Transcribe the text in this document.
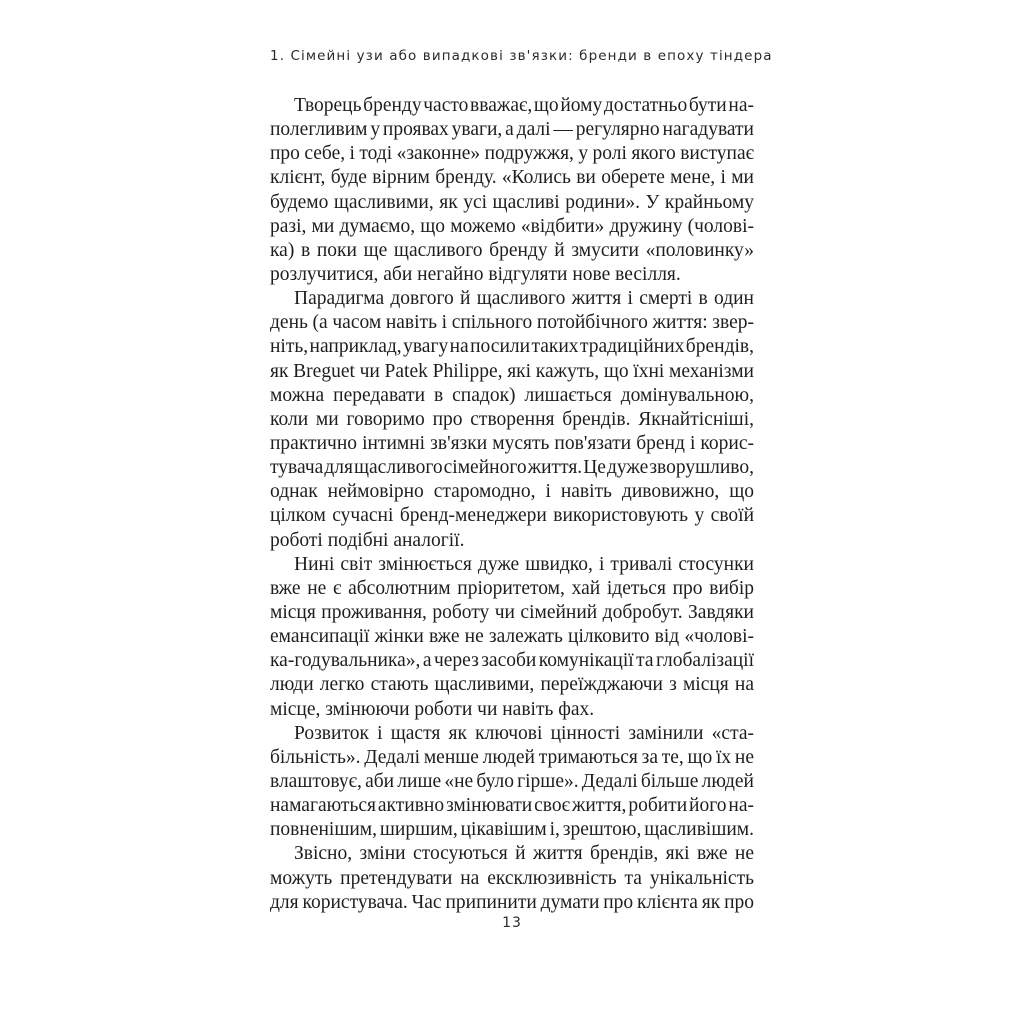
1. Сімейні узи або випадкові зв'язки: бренди в епоху тіндера
Творець бренду часто вважає, що йому достатньо бути на-
полегливим у проявах уваги, а далі — регулярно нагадувати
про себе, і тоді «законне» подружжя, у ролі якого виступає
клієнт, буде вірним бренду. «Колись ви оберете мене, і ми
будемо щасливими, як усі щасливі родини». У крайньому
разі, ми думаємо, що можемо «відбити» дружину (чолові-
ка) в поки ще щасливого бренду й змусити «половинку»
розлучитися, аби негайно відгуляти нове весілля.
Парадигма довгого й щасливого життя і смерті в один
день (а часом навіть і спільного потойбічного життя: звер-
ніть, наприклад, увагу на посили таких традиційних брендів,
як Breguet чи Patek Philippe, які кажуть, що їхні механізми
можна передавати в спадок) лишається домінувальною,
коли ми говоримо про створення брендів. Якнайтісніші,
практично інтимні зв'язки мусять пов'язати бренд і корис-
тувача для щасливого сімейного життя. Це дуже зворушливо,
однак неймовірно старомодно, і навіть дивовижно, що
цілком сучасні бренд-менеджери використовують у своїй
роботі подібні аналогії.
Нині світ змінюється дуже швидко, і тривалі стосунки
вже не є абсолютним пріоритетом, хай ідеться про вибір
місця проживання, роботу чи сімейний добробут. Завдяки
емансипації жінки вже не залежать цілковито від «чолові-
ка-годувальника», а через засоби комунікації та глобалізації
люди легко стають щасливими, переїжджаючи з місця на
місце, змінюючи роботи чи навіть фах.
Розвиток і щастя як ключові цінності замінили «ста-
більність». Дедалі менше людей тримаються за те, що їх не
влаштовує, аби лише «не було гірше». Дедалі більше людей
намагаються активно змінювати своє життя, робити його на-
повненішим, ширшим, цікавішим і, зрештою, щасливішим.
Звісно, зміни стосуються й життя брендів, які вже не
можуть претендувати на ексклюзивність та унікальність
для користувача. Час припинити думати про клієнта як про
13
